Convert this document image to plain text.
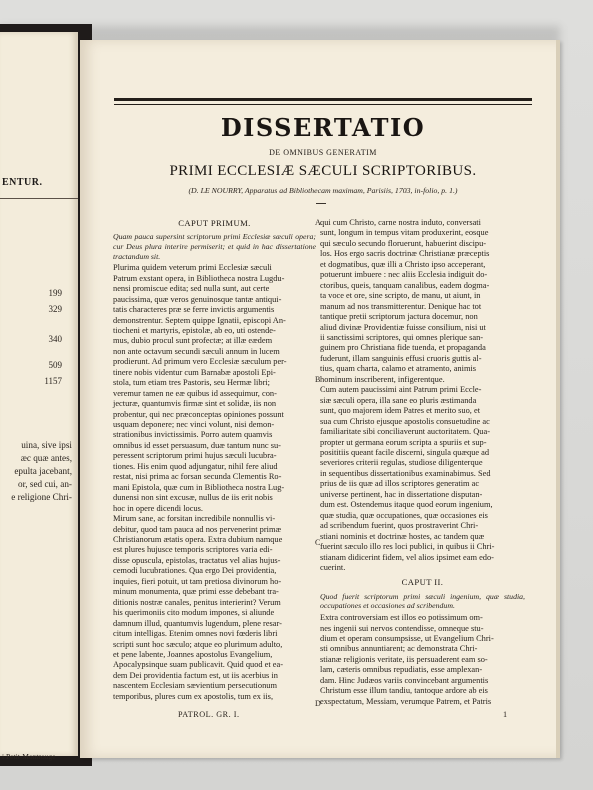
ENTUR.
199
329
340
509
1157
uina, sive ipsi
æc quæ antes,
epulta jacebant,
or, sed cui, an-
e religione Chri-
i Petit-Montrouge
DISSERTATIO
DE OMNIBUS GENERATIM
PRIMI ECCLESIÆ SÆCULI SCRIPTORIBUS.
(D. LE NOURRY, Apparatus ad Bibliothecam maximam, Parisiis, 1703, in-folio, p. 1.)
CAPUT PRIMUM.
Quam pauca supersint scriptorum primi Ecclesiæ sæculi opera; cur Deus plura interire permiserit; et quid in hac dissertatione tractandum sit.
Plurima quidem veterum primi Ecclesiæ sæculi
Patrum exstant opera, in Bibliotheca nostra Lugdu-
nensi promiscue edita; sed nulla sunt, aut certe
paucissima, quæ veros genuinosque tantæ antiqui-
tatis characteres præ se ferre invictis argumentis
demonstrentur. Septem quippe Ignatii, episcopi An-
tiocheni et martyris, epistolæ, ab eo, uti ostende-
mus, dubio procul sunt profectæ; at illæ eædem
non ante octavum secundi sæculi annum in lucem
prodierunt. Ad primum vero Ecclesiæ sæculum per-
tinere nobis videntur cum Barnabæ apostoli Epi-
stola, tum etiam tres Pastoris, seu Hermæ libri;
veremur tamen ne eæ quibus id assequimur, con-
jecturæ, quantumvis firmæ sint et solidæ, iis non
probentur, qui nec præconceptas opiniones possunt
usquam deponere; nec vinci volunt, nisi demon-
strationibus invictissimis. Porro autem quamvis
omnibus id esset persuasum, duæ tantum nunc su-
peressent scriptorum primi hujus sæculi lucubra-
tiones. His enim quod adjungatur, nihil fere aliud
restat, nisi prima ac forsan secunda Clementis Ro-
mani Epistola, quæ cum in Bibliotheca nostra Lug-
dunensi non sint excusæ, nullus de iis erit nobis
hoc in opere dicendi locus.
Mirum sane, ac forsitan incredibile nonnullis vi-
debitur, quod tam pauca ad nos pervenerint primæ
Christianorum ætatis opera. Extra dubium namque
est plures hujusce temporis scriptores varia edi-
disse opuscula, epistolas, tractatus vel alias hujus-
cemodi lucubrationes. Qua ergo Dei providentia,
inquies, fieri potuit, ut tam pretiosa divinorum ho-
minum monumenta, quæ primi esse debebant tra-
ditionis nostræ canales, penitus interierint? Verum
his querimoniis cito modum impones, si aliunde
damnum illud, quantumvis lugendum, plene resar-
citum intelligas. Etenim omnes novi fœderis libri
scripti sunt hoc sæculo; atque eo plurimum adulto,
et pene labente, Joannes apostolus Evangelium,
Apocalypsinque suam publicavit. Quid quod et ea-
dem Dei providentia factum est, ut iis acerbius in
nascentem Ecclesiam sævientium persecutionum
temporibus, plures cum ex apostolis, tum ex iis,
qui cum Christo, carne nostra induto, conversati
sunt, longum in tempus vitam produxerint, eosque
qui sæculo secundo floruerunt, habuerint discipu-
los. Hos ergo sacris doctrinæ Christianæ præceptis
et dogmatibus, quæ illi a Christo ipso acceperant,
potuerunt imbuere : nec aliis Ecclesia indiguit do-
ctoribus, queis, tanquam canalibus, eadem dogma-
ta voce et ore, sine scripto, de manu, ut aiunt, in
manum ad nos transmitterentur. Denique hac tot
tantique pretii scriptorum jactura docemur, non
aliud divinæ Providentiæ fuisse consilium, nisi ut
ii sanctissimi scriptores, qui omnes plerique san-
guinem pro Christiana fide tuenda, et propaganda
fuderunt, illam sanguinis effusi cruoris guttis al-
tius, quam charta, calamo et atramento, animis
hominum inscriberent, infigerentque.
Cum autem paucissimi aint Patrum primi Eccle-
siæ sæculi opera, illa sane eo pluris æstimanda
sunt, quo majorem idem Patres et merito suo, et
sua cum Christo ejusque apostolis consuetudine ac
familiaritate sibi conciliaverunt auctoritatem. Qua-
propter ut germana eorum scripta a spuriis et sup-
posititiis queant facile discerni, singula quæque ad
severiores criterii regulas, studiose diligenterque
in sequentibus dissertationibus examinabimus. Sed
prius de iis quæ ad illos scriptores generatim ac
universe pertinent, hac in dissertatione disputan-
dum est. Ostendemus itaque quod eorum ingenium,
quæ studia, quæ occupationes, quæ occasiones eis
ad scribendum fuerint, quos prostraverint Chri-
stiani nominis et doctrinæ hostes, ac tandem quæ
fuerint sæculo illo res loci publici, in quibus ii Chri-
stianam didicerint fidem, vel alios ipsimet eam edo-
cuerint.
CAPUT II.
Quod fuerit scriptorum primi sæculi ingenium, quæ studia, occupationes et occasiones ad scribendum.
Extra controversiam est illos eo potissimum om-
nes ingenii sui nervos contendisse, omneque stu-
dium et operam consumpsisse, ut Evangelium Chri-
sti omnibus annuntiarent; ac demonstrata Chri-
stianæ religionis veritate, iis persuaderent eam so-
lam, cæteris omnibus repudiatis, esse amplexan-
dam. Hinc Judæos variis convincebant argumentis
Christum esse illum tandiu, tantoque ardore ab eis
exspectatum, Messiam, verumque Patrem, et Patris
A
B
C
D
PATROL. GR. I.	1
